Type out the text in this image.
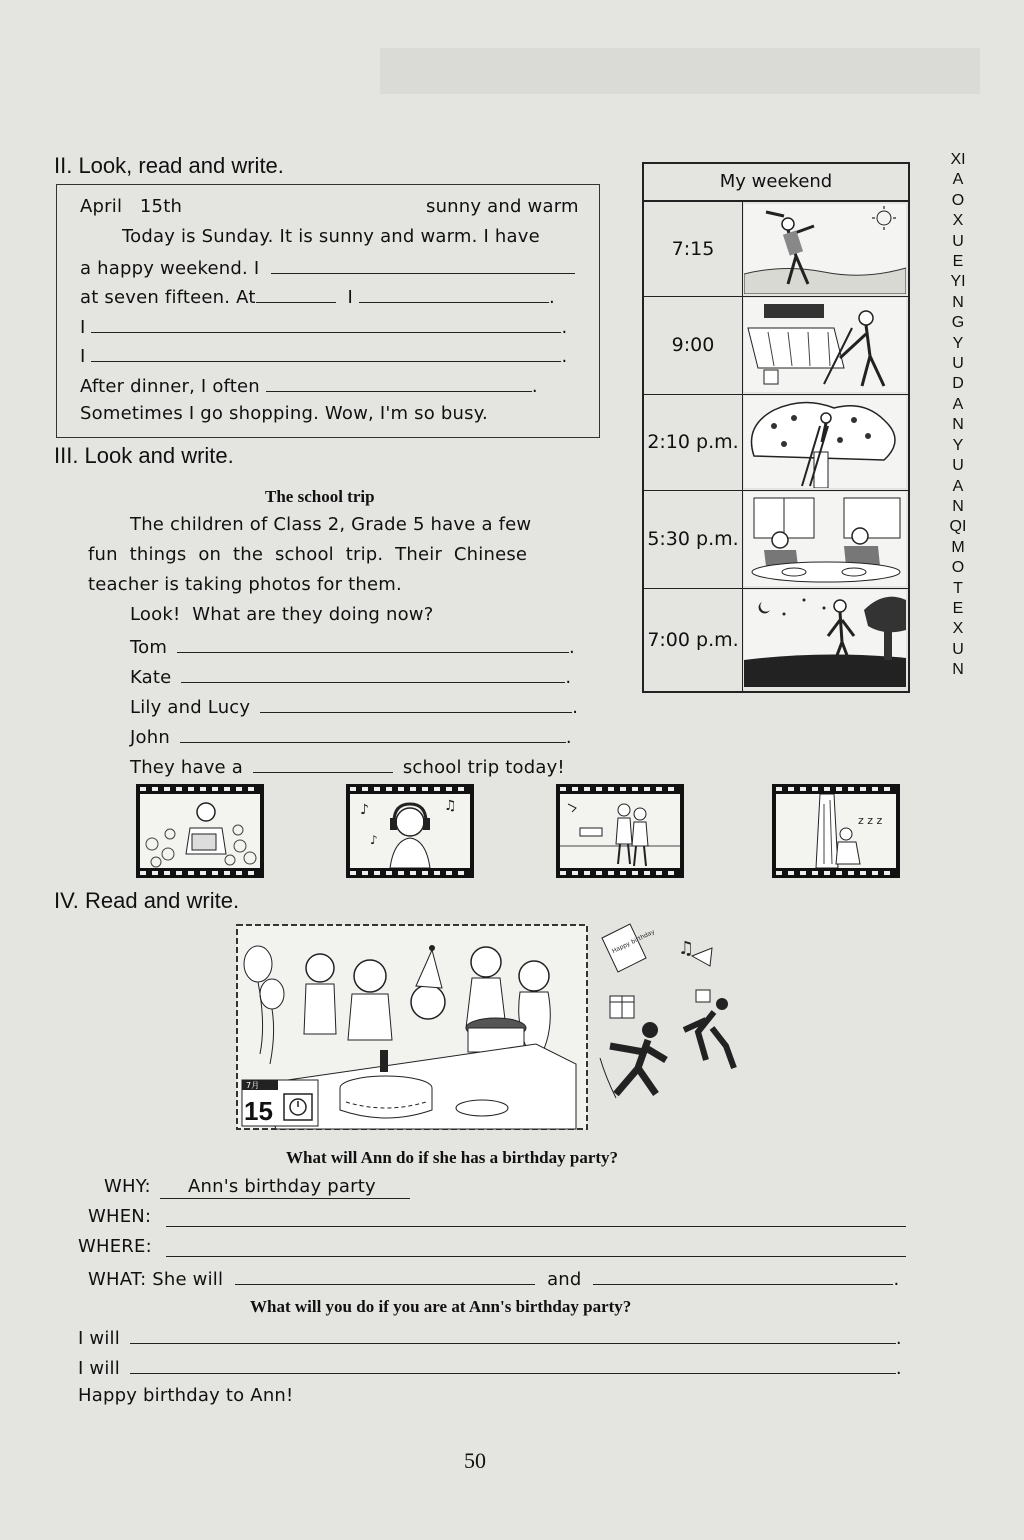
XIAOXUEYINGYUDANYUANQIMOTEXUN
II. Look, read and write.
April   15th	sunny and warm
Today is Sunday. It is sunny and warm. I have
a happy weekend. I
at seven fifteen. At	I	.
I	.
I	.
After dinner, I often	.
Sometimes I go shopping. Wow, I'm so busy.
My weekend
7:15
9:00
2:10 p.m.
5:30 p.m.
7:00 p.m.
III. Look and write.
The school trip
The children of Class 2, Grade 5 have a few
fun  things  on  the  school  trip.  Their  Chinese
teacher is taking photos for them.
Look!  What are they doing now?
Tom	.
Kate	.
Lily and Lucy	.
John	.
They have a	school trip today!
♪	♫
♪
z z z
IV. Read and write.
7月
15
Happy birthday ♫
What will Ann do if she has a birthday party?
WHY: Ann's birthday party
WHEN:
WHERE:
WHAT: She will	and	.
What will you do if you are at Ann's birthday party?
I will	.
I will	.
Happy birthday to Ann!
50
